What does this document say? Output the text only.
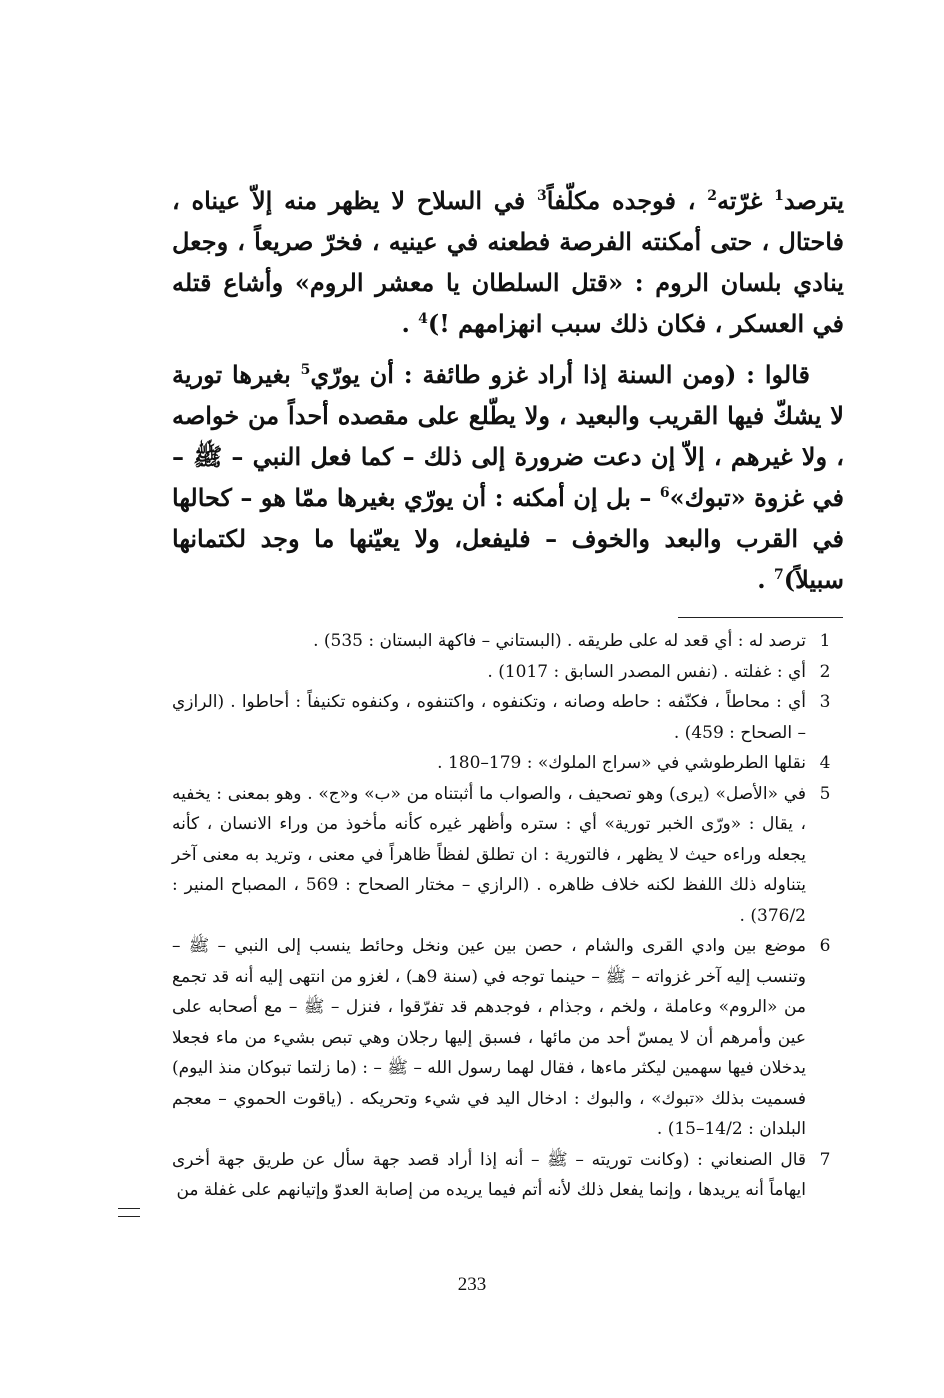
يترصد$^1$ غرّته$^2$ ، فوجده مكلّفاً$^3$ في السلاح لا يظهر منه إلاّ عيناه ، فاحتال ، حتى أمكنته الفرصة فطعنه في عينيه ، فخرّ صريعاً ، وجعل ينادي بلسان الروم : «قتل السلطان يا معشر الروم» وأشاع قتله في العسكر ، فكان ذلك سبب انهزامهم !)$^4$ .

قالوا : (ومن السنة إذا أراد غزو طائفة : أن يورّي$^5$ بغيرها تورية لا يشكّ فيها القريب والبعيد ، ولا يطّلع على مقصده أحداً من خواصه ، ولا غيرهم ، إلاّ إن دعت ضرورة إلى ذلك – كما فعل النبي – ﷺ – في غزوة «تبوك»$^6$ – بل إن أمكنه : أن يورّي بغيرها ممّا هو – كحالها في القرب والبعد والخوف – فليفعل، ولا يعيّنها ما وجد لكتمانها سبيلاً)$^7$ .

1
ترصد له : أي قعد له على طريقه . (البستاني – فاكهة البستان : 535) .
2
أي : غفلته . (نفس المصدر السابق : 1017) .
3
أي : محاطاً ، فكنّفه : حاطه وصانه ، وتكنفوه ، واكتنفوه ، وكنفوه تكنيفاً : أحاطوا . (الرازي – الصحاح : 459) .
4
نقلها الطرطوشي في «سراج الملوك» : 179–180 .
5
في «الأصل» (يرى) وهو تصحيف ، والصواب ما أثبتناه من «ب» و«ج» . وهو بمعنى : يخفيه ، يقال : «ورّى الخبر تورية» أي : ستره وأظهر غيره كأنه مأخوذ من وراء الانسان ، كأنه يجعله وراءه حيث لا يظهر ، فالتورية : ان تطلق لفظاً ظاهراً في معنى ، وتريد به معنى آخر يتناوله ذلك اللفظ لكنه خلاف ظاهره . (الرازي – مختار الصحاح : 569 ، المصباح المنير : 376/2) .
6
موضع بين وادي القرى والشام ، حصن بين عين ونخل وحائط ينسب إلى النبي – ﷺ – وتنسب إليه آخر غزواته – ﷺ – حينما توجه في (سنة 9هـ) ، لغزو من انتهى إليه أنه قد تجمع من «الروم» وعاملة ، ولخم ، وجذام ، فوجدهم قد تفرّقوا ، فنزل – ﷺ – مع أصحابه على عين وأمرهم أن لا يمسّ أحد من مائها ، فسبق إليها رجلان وهي تبص بشيء من ماء فجعلا يدخلان فيها سهمين ليكثر ماءها ، فقال لهما رسول الله – ﷺ – : (ما زلتما تبوكان منذ اليوم) فسميت بذلك «تبوك» ، والبوك : ادخال اليد في شيء وتحريكه . (ياقوت الحموي – معجم البلدان : 14/2–15) .
7
قال الصنعاني : (وكانت توريته – ﷺ – أنه إذا أراد قصد جهة سأل عن طريق جهة أخرى ايهاماً أنه يريدها ، وإنما يفعل ذلك لأنه أتم فيما يريده من إصابة العدوّ وإتيانهم على غفلة من
233
